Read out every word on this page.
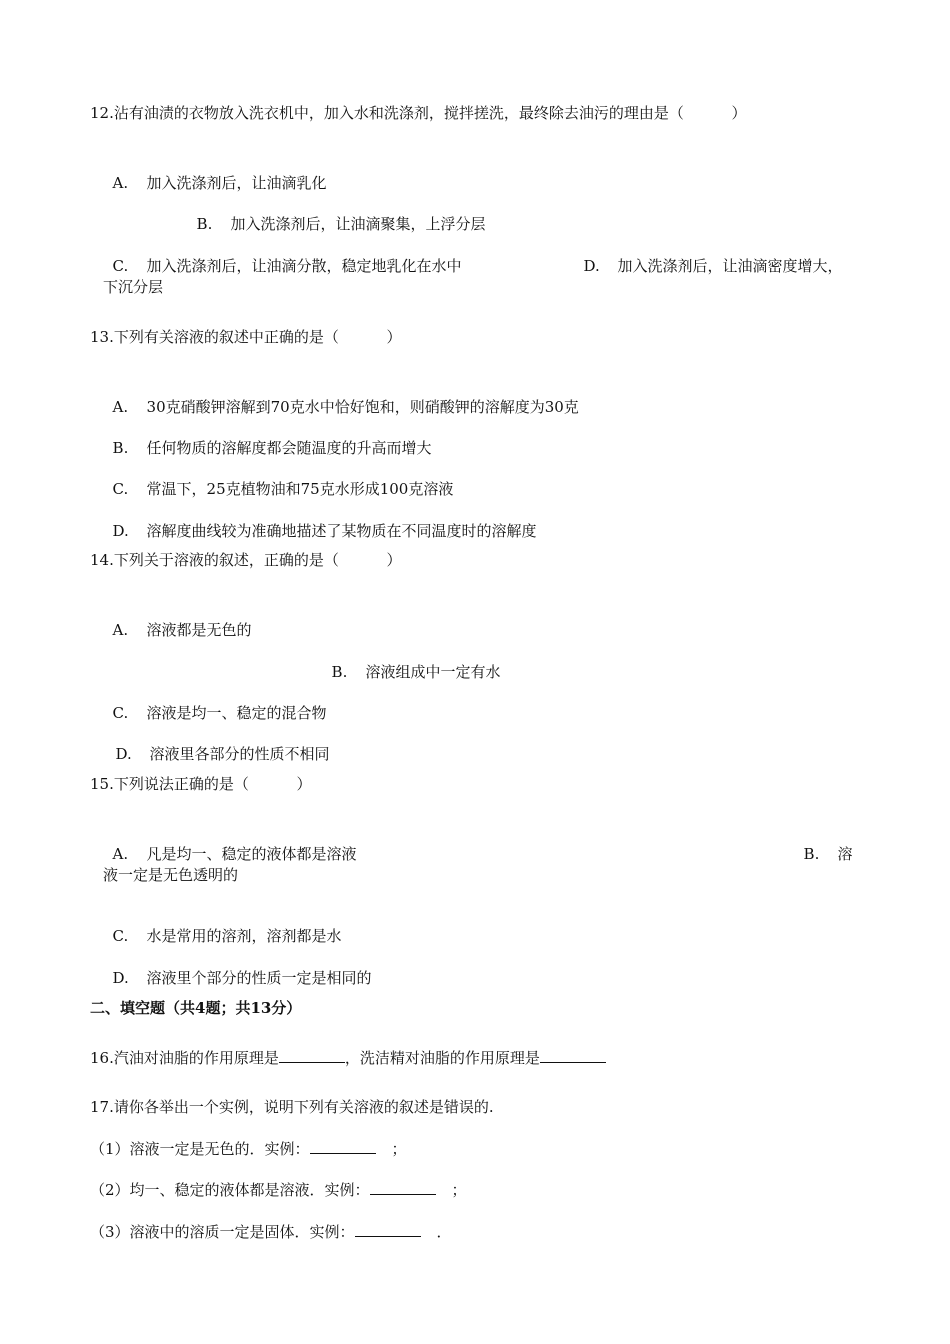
12.沾有油渍的衣物放入洗衣机中，加入水和洗涤剂，搅拌搓洗，最终除去油污的理由是（          ）

A. 加入洗涤剂后，让油滴乳化

B. 加入洗涤剂后，让油滴聚集，上浮分层

C. 加入洗涤剂后，让油滴分散，稳定地乳化在水中	D. 加入洗涤剂后，让油滴密度增大，

下沉分层
13.下列有关溶液的叙述中正确的是（          ）

A. 30克硝酸钾溶解到70克水中恰好饱和，则硝酸钾的溶解度为30克

B. 任何物质的溶解度都会随温度的升高而增大

C. 常温下，25克植物油和75克水形成100克溶液

D. 溶解度曲线较为准确地描述了某物质在不同温度时的溶解度

14.下列关于溶液的叙述，正确的是（          ）

A. 溶液都是无色的

B. 溶液组成中一定有水

C. 溶液是均一、稳定的混合物

D. 溶液里各部分的性质不相同

15.下列说法正确的是（          ）

A. 凡是均一、稳定的液体都是溶液	B. 溶

液一定是无色透明的

C. 水是常用的溶剂，溶剂都是水

D. 溶液里个部分的性质一定是相同的

二、填空题（共4题；共13分）
16.汽油对油脂的作用原理是	，洗洁精对油脂的作用原理是
17.请你各举出一个实例，说明下列有关溶液的叙述是错误的.
（1）溶液一定是无色的．实例：	；
（2）均一、稳定的液体都是溶液．实例：	；
（3）溶液中的溶质一定是固体．实例：	．
